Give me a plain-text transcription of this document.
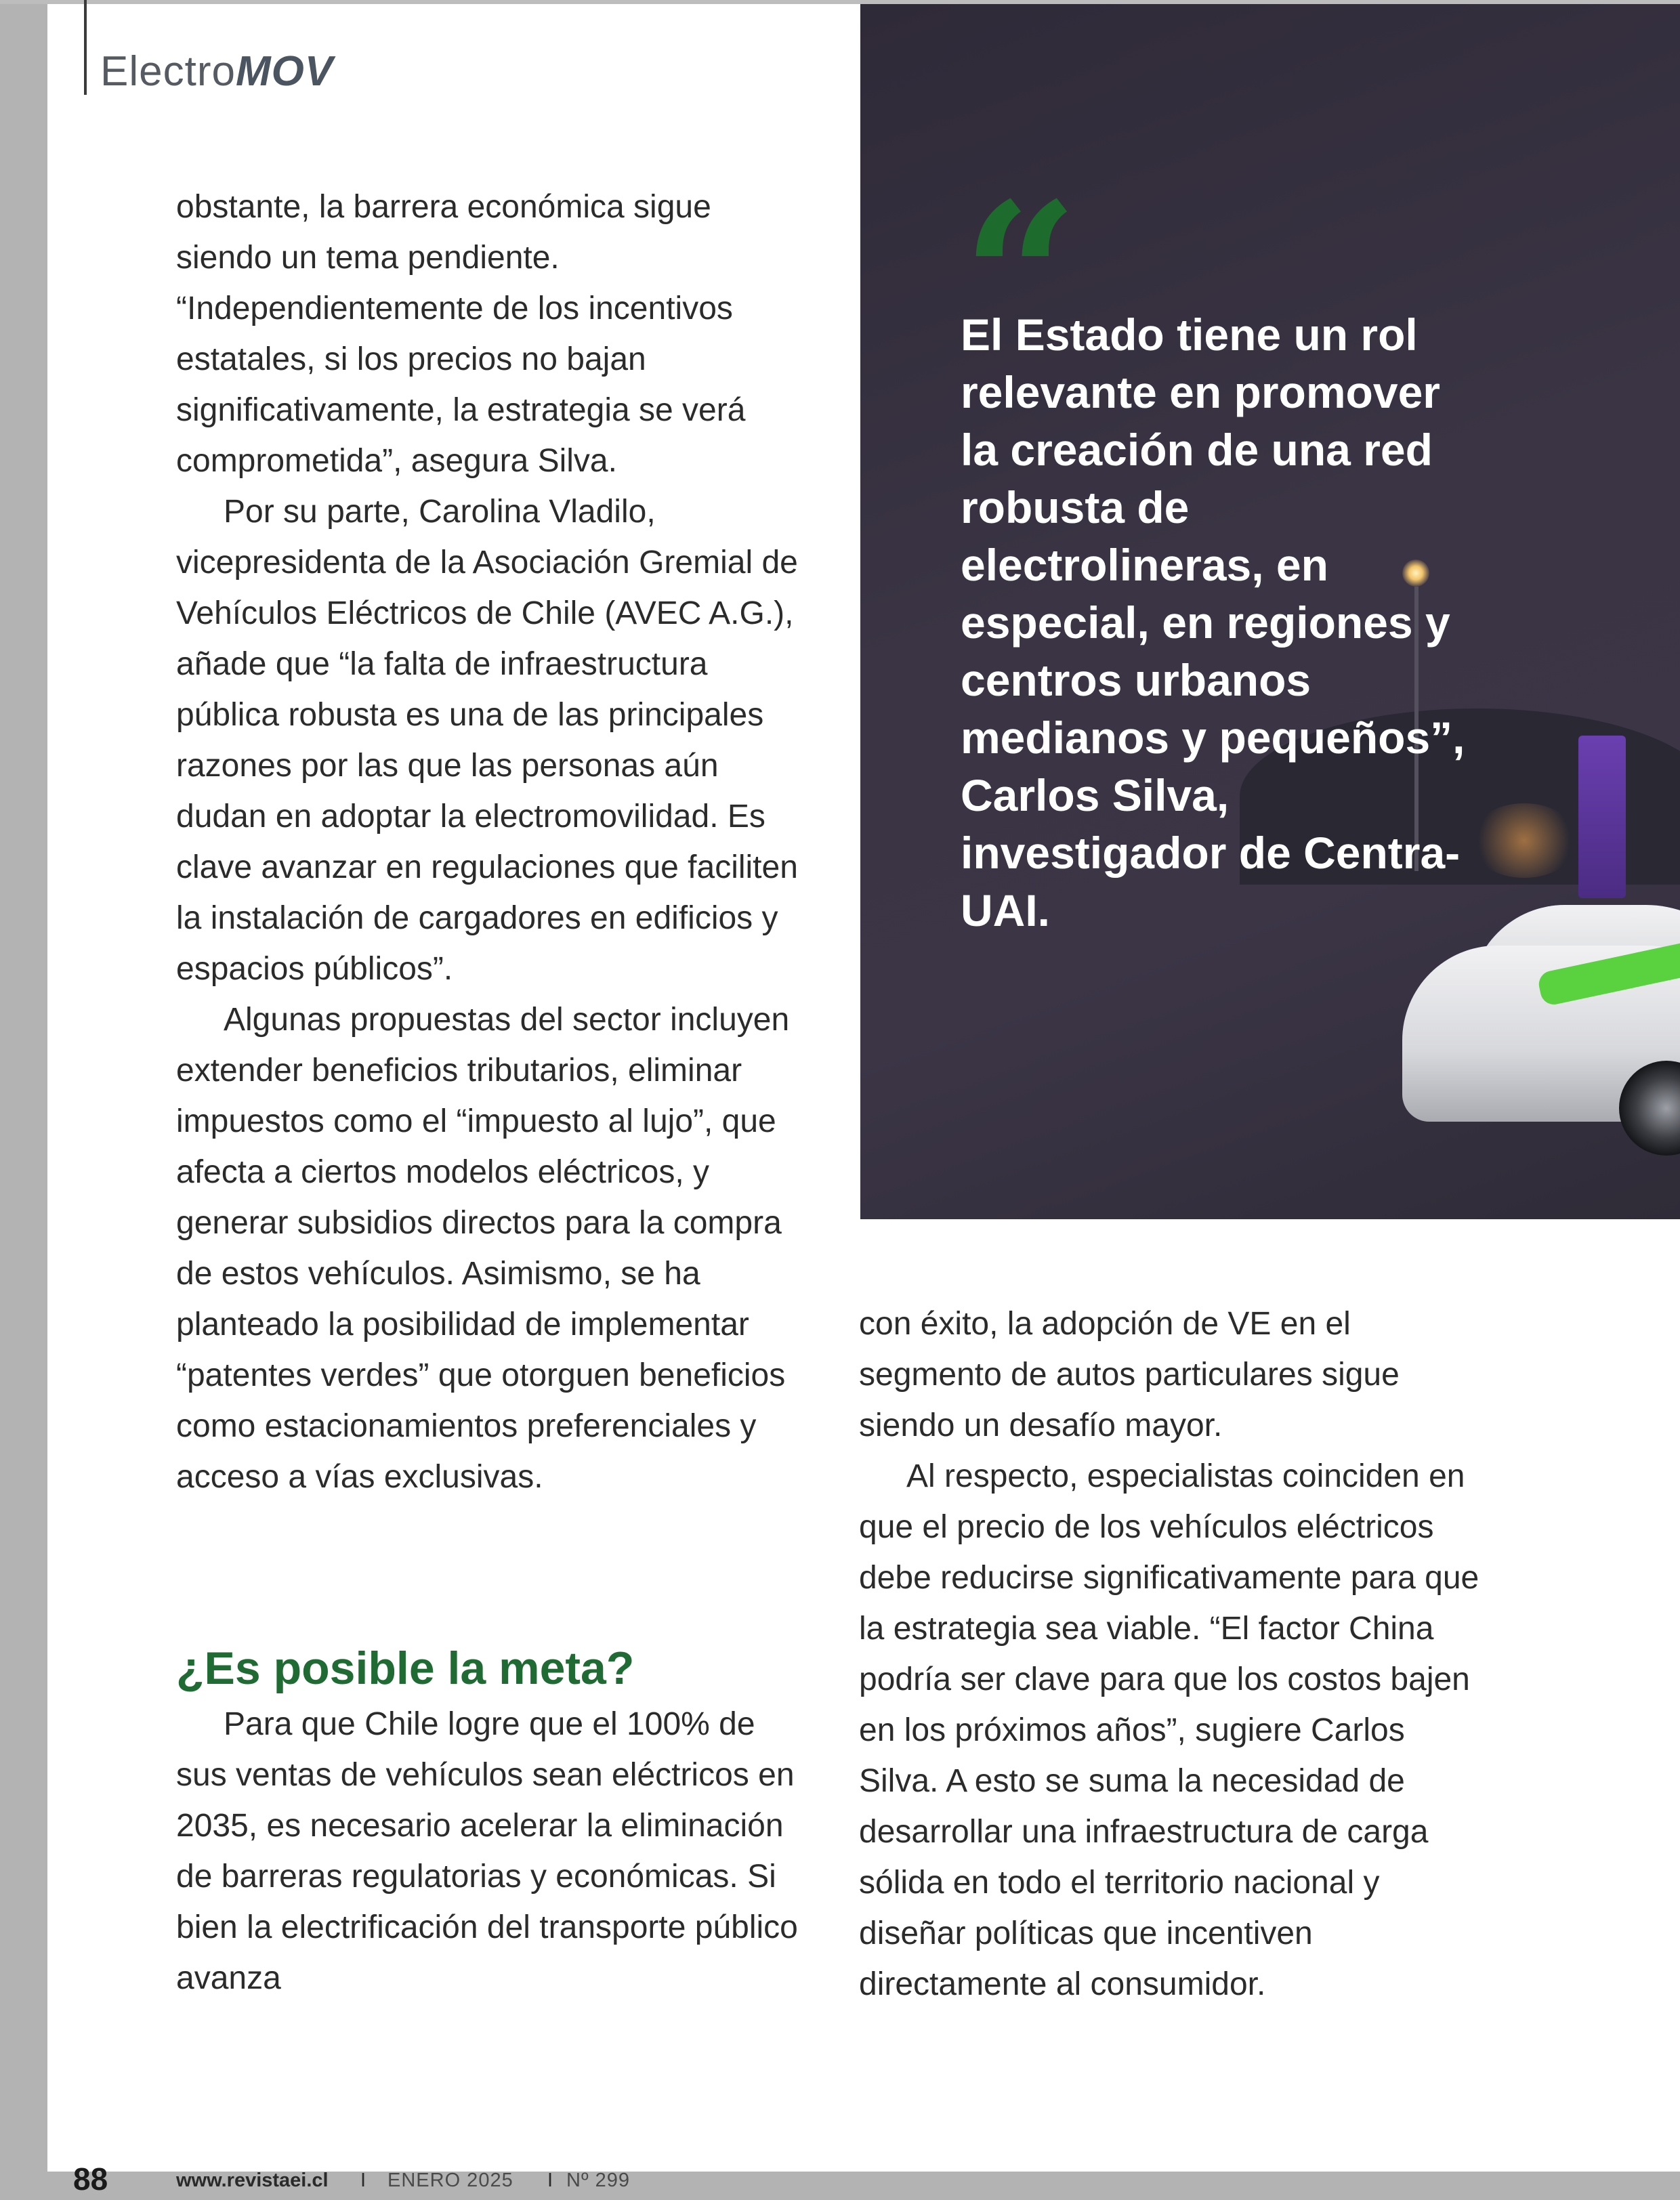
ElectroMOV
“

El Estado tiene un rol relevante en promover la creación de una red robusta de electrolineras, en especial, en regiones y centros urbanos medianos y pequeños”, Carlos Silva, investigador de Centra-UAI.

obstante, la barrera económica sigue siendo un tema pendiente. “Independientemente de los incentivos estatales, si los precios no bajan significativamente, la estrategia se verá comprometida”, asegura Silva.

Por su parte, Carolina Vladilo, vicepresidenta de la Asociación Gremial de Vehículos Eléctricos de Chile (AVEC A.G.), añade que “la falta de infraestructura pública robusta es una de las principales razones por las que las personas aún dudan en adoptar la electromovilidad. Es clave avanzar en regulaciones que faciliten la instalación de cargadores en edificios y espacios públicos”.

Algunas propuestas del sector incluyen extender beneficios tributarios, eliminar impuestos como el “impuesto al lujo”, que afecta a ciertos modelos eléctricos, y generar subsidios directos para la compra de estos vehículos. Asimismo, se ha planteado la posibilidad de implementar “patentes verdes” que otorguen beneficios como estacionamientos preferenciales y acceso a vías exclusivas.

¿Es posible la meta?

Para que Chile logre que el 100% de sus ventas de vehículos sean eléctricos en 2035, es necesario acelerar la eliminación de barreras regulatorias y económicas. Si bien la electrificación del transporte público avanza

con éxito, la adopción de VE en el segmento de autos particulares sigue siendo un desafío mayor.

Al respecto, especialistas coinciden en que el precio de los vehículos eléctricos debe reducirse significativamente para que la estrategia sea viable. “El factor China podría ser clave para que los costos bajen en los próximos años”, sugiere Carlos Silva. A esto se suma la necesidad de desarrollar una infraestructura de carga sólida en todo el territorio nacional y diseñar políticas que incentiven directamente al consumidor.

88	www.revistaei.cl I ENERO 2025 I Nº 299
